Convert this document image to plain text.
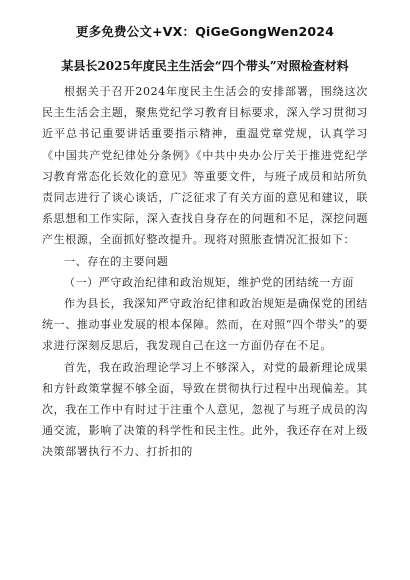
更多免费公文+VX：QiGeGongWen2024
某县长2025年度民主生活会“四个带头”对照检查材料

根据关于召开2024年度民主生活会的安排部署，围绕这次民主生活会主题，聚焦党纪学习教育目标要求，深入学习贯彻习近平总书记重要讲话重要指示精神，重温党章党规，认真学习《中国共产党纪律处分条例》《中共中央办公厅关于推进党纪学习教育常态化长效化的意见》等重要文件，与班子成员和站所负责同志进行了谈心谈话，广泛征求了有关方面的意见和建议，联系思想和工作实际，深入查找自身存在的问题和不足，深挖问题产生根源，全面抓好整改提升。现将对照胀查情况汇报如下：

一、存在的主要问题

（一）严守政治纪律和政治规矩，维护党的团结统一方面

作为县长，我深知严守政治纪律和政治规矩是确保党的团结统一、推动事业发展的根本保障。然而，在对照“四个带头”的要求进行深刻反思后，我发现自己在这一方面仍存在不足。

首先，我在政治理论学习上不够深入，对党的最新理论成果和方针政策掌握不够全面，导致在贯彻执行过程中出现偏差。其次，我在工作中有时过于注重个人意见，忽视了与班子成员的沟通交流，影响了决策的科学性和民主性。此外，我还存在对上级决策部署执行不力、打折扣的
